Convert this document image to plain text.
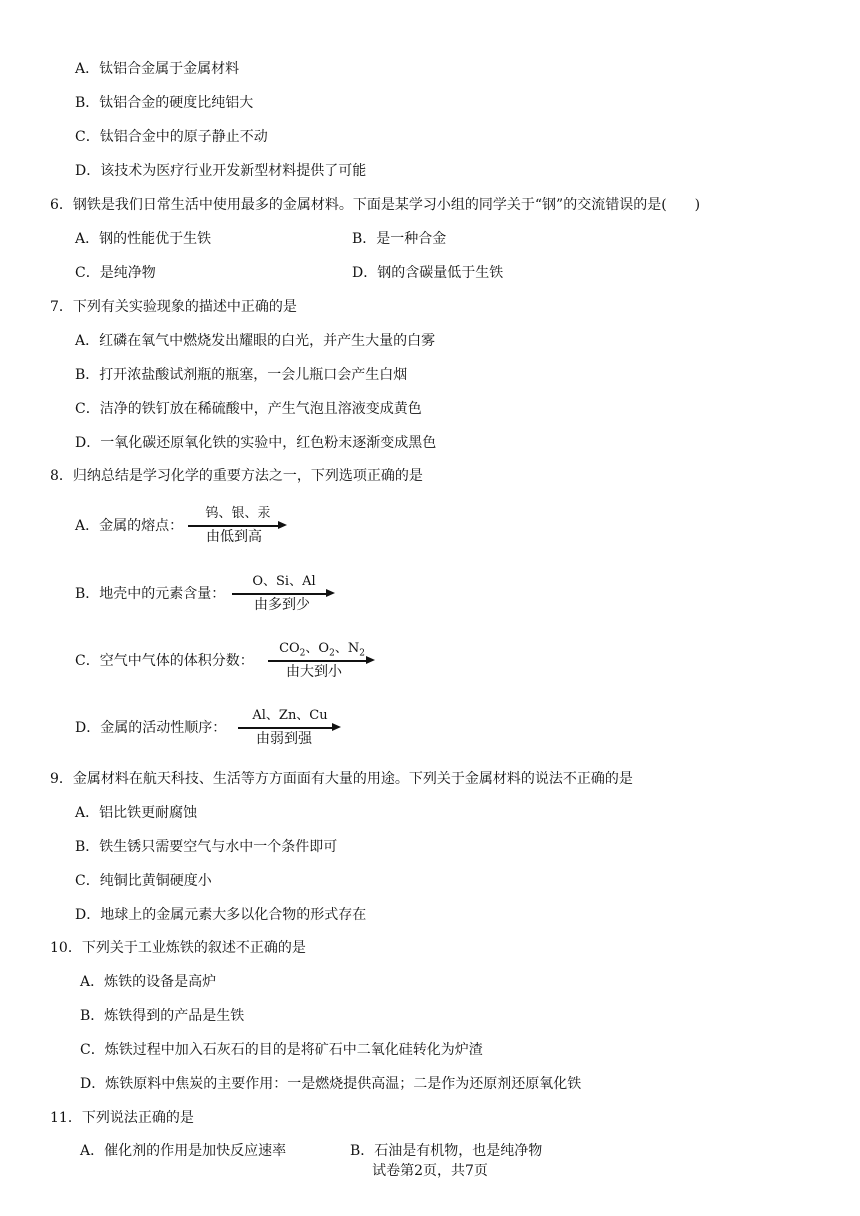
A．钛铝合金属于金属材料
B．钛铝合金的硬度比纯铝大
C．钛铝合金中的原子静止不动
D．该技术为医疗行业开发新型材料提供了可能
6．钢铁是我们日常生活中使用最多的金属材料。下面是某学习小组的同学关于“钢”的交流错误的是(　　)
A．钢的性能优于生铁	B．是一种合金
C．是纯净物	D．钢的含碳量低于生铁
7．下列有关实验现象的描述中正确的是
A．红磷在氧气中燃烧发出耀眼的白光，并产生大量的白雾
B．打开浓盐酸试剂瓶的瓶塞，一会儿瓶口会产生白烟
C．洁净的铁钉放在稀硫酸中，产生气泡且溶液变成黄色
D．一氧化碳还原氧化铁的实验中，红色粉末逐渐变成黑色
8．归纳总结是学习化学的重要方法之一，下列选项正确的是
A．金属的熔点：
钨、银、汞
由低到高
B．地壳中的元素含量：
O、Si、Al
由多到少
C．空气中气体的体积分数：
$CO_2$、$O_2$、$N_2$
由大到小
D．金属的活动性顺序：
Al、Zn、Cu
由弱到强
9．金属材料在航天科技、生活等方方面面有大量的用途。下列关于金属材料的说法不正确的是
A．铝比铁更耐腐蚀
B．铁生锈只需要空气与水中一个条件即可
C．纯铜比黄铜硬度小
D．地球上的金属元素大多以化合物的形式存在
10．下列关于工业炼铁的叙述不正确的是
A．炼铁的设备是高炉
B．炼铁得到的产品是生铁
C．炼铁过程中加入石灰石的目的是将矿石中二氧化硅转化为炉渣
D．炼铁原料中焦炭的主要作用：一是燃烧提供高温；二是作为还原剂还原氧化铁
11．下列说法正确的是
A．催化剂的作用是加快反应速率	B．石油是有机物，也是纯净物
试卷第2页，共7页
